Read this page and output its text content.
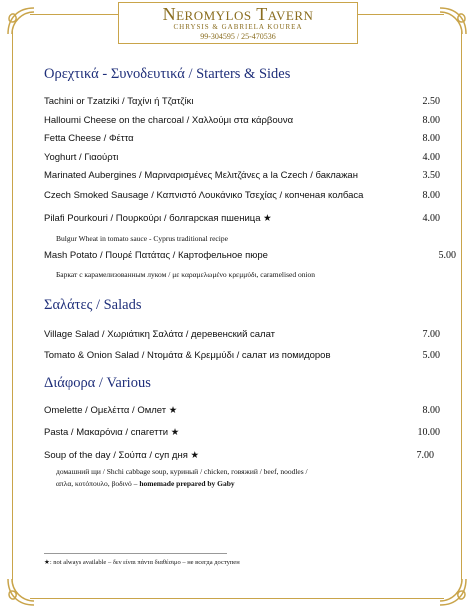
Neromylos Tavern
CHRYSIS & GABRIELA KOUREA
99-304595 / 25-470536
Ορεχτικά - Συνοδευτικά / Starters & Sides
Tachini or Tzatziki / Ταχίνι ή Τζατζίκι	2.50
Halloumi Cheese on the charcoal / Χαλλούμι στα κάρβουνα	8.00
Fetta Cheese / Φέττα	8.00
Yoghurt / Γιαούρτι	4.00
Marinated Aubergines / Μαριναρισμένες Μελιτζάνες a la Czech / баклажан	3.50
Czech Smoked Sausage / Καπνιστό Λουκάνικο Τσεχίας / копченая колбаса	8.00
Pilafi Pourkouri / Πουρκούρι / болгарская пшеница ★	4.00
Bulgur Wheat in tomato sauce - Cyprus traditional recipe
Mash Potato / Πουρέ Πατάτας / Картофельное пюре	5.00
Баркат с карамелизованным луком / με καραμελωμένο κρεμμύδι, caramelised onion
Σαλάτες / Salads
Village Salad / Χωριάτικη Σαλάτα / деревенский салат	7.00
Tomato & Onion Salad / Ντομάτα & Κρεμμύδι / салат из помидоров	5.00
Διάφορα / Various
Omelette / Ομελέττα / Омлет ★	8.00
Pasta / Μακαρόνια / спагетти ★	10.00
Soup of the day / Σούπα / суп дня ★	7.00
домашний щи / Shchi cabbage soup, куриный / chicken, говяжий / beef, noodles /
απλα, κοτόπουλο, βοδινό – homemade prepared by Gaby
★: not always available – δεν είναι πάντα διαθέσιμο – не всегда доступен
